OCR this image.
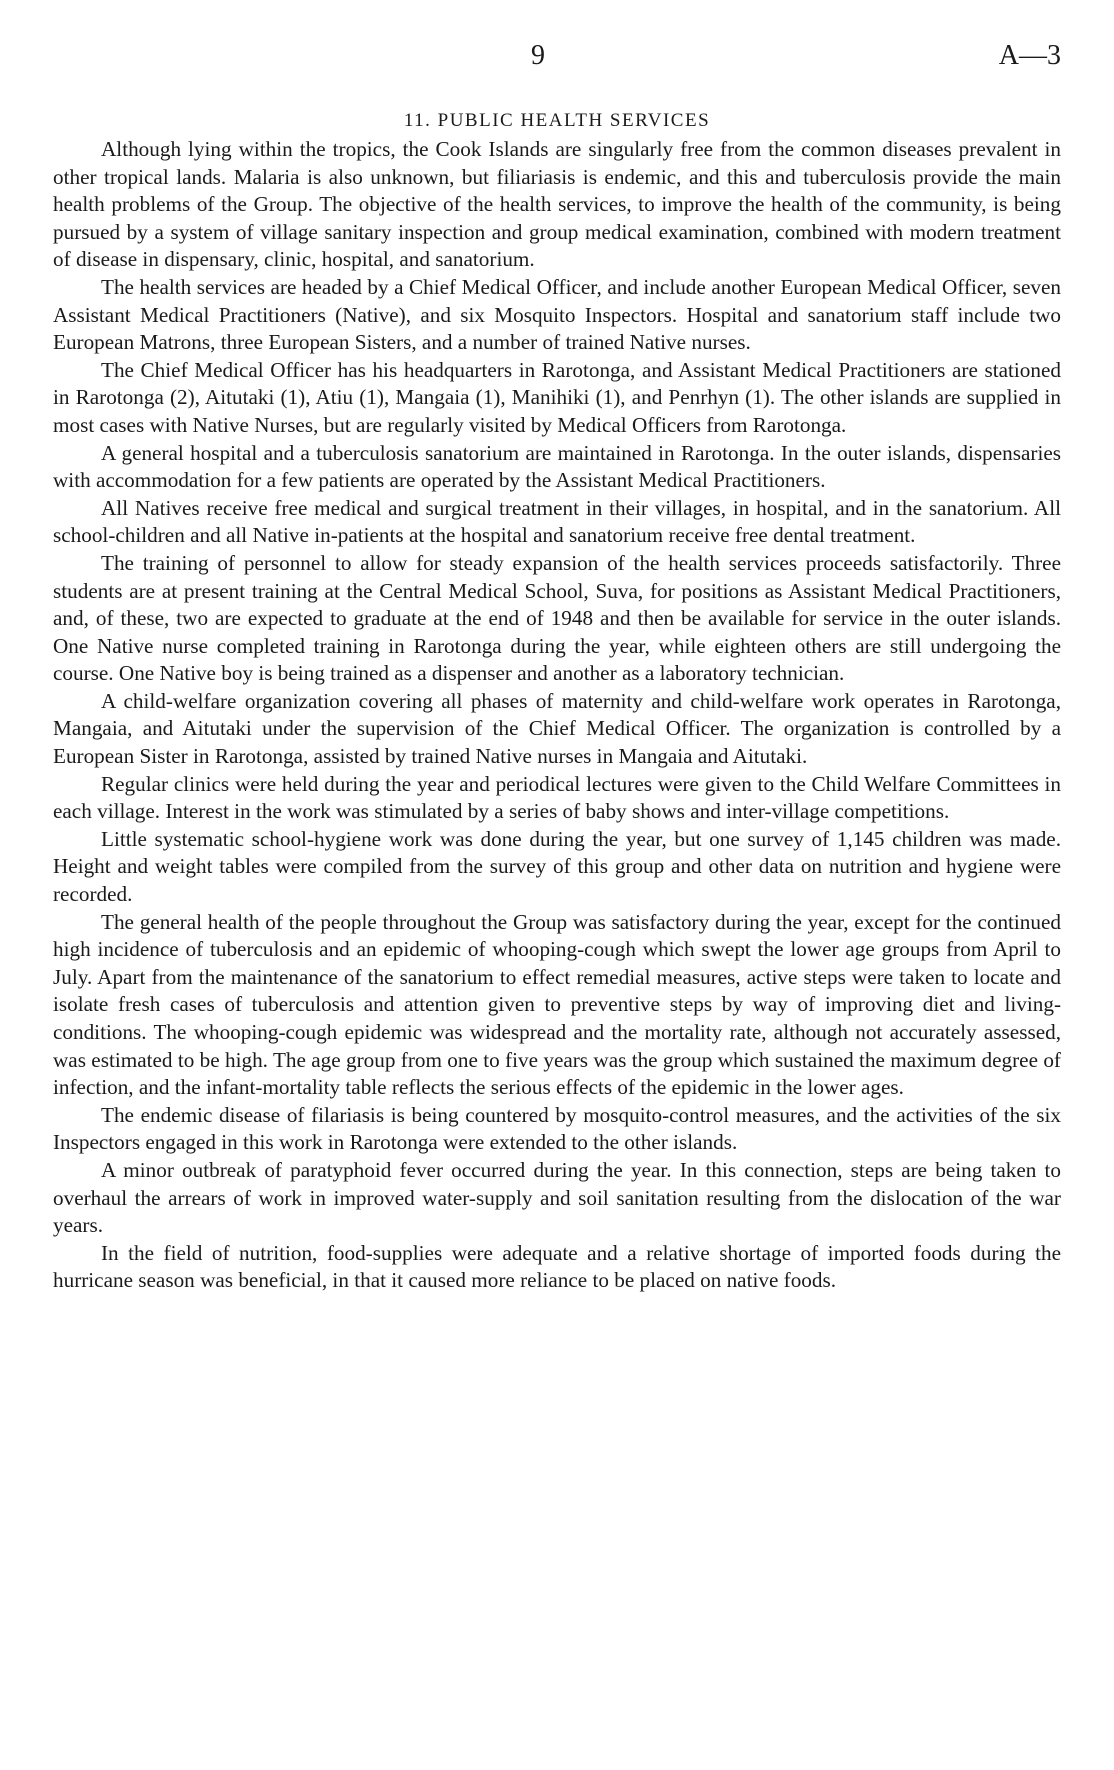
9	A—3
11. PUBLIC HEALTH SERVICES

Although lying within the tropics, the Cook Islands are singularly free from the common diseases prevalent in other tropical lands. Malaria is also unknown, but filiariasis is endemic, and this and tuberculosis provide the main health problems of the Group. The objective of the health services, to improve the health of the community, is being pursued by a system of village sanitary inspection and group medical examination, combined with modern treatment of disease in dispensary, clinic, hospital, and sanatorium.

The health services are headed by a Chief Medical Officer, and include another European Medical Officer, seven Assistant Medical Practitioners (Native), and six Mosquito Inspectors. Hospital and sanatorium staff include two European Matrons, three European Sisters, and a number of trained Native nurses.

The Chief Medical Officer has his headquarters in Rarotonga, and Assistant Medical Practitioners are stationed in Rarotonga (2), Aitutaki (1), Atiu (1), Mangaia (1), Manihiki (1), and Penrhyn (1). The other islands are supplied in most cases with Native Nurses, but are regularly visited by Medical Officers from Rarotonga.

A general hospital and a tuberculosis sanatorium are maintained in Rarotonga. In the outer islands, dispensaries with accommodation for a few patients are operated by the Assistant Medical Practitioners.

All Natives receive free medical and surgical treatment in their villages, in hospital, and in the sanatorium. All school-children and all Native in-patients at the hospital and sanatorium receive free dental treatment.

The training of personnel to allow for steady expansion of the health services proceeds satisfactorily. Three students are at present training at the Central Medical School, Suva, for positions as Assistant Medical Practitioners, and, of these, two are expected to graduate at the end of 1948 and then be available for service in the outer islands. One Native nurse completed training in Rarotonga during the year, while eighteen others are still undergoing the course. One Native boy is being trained as a dispenser and another as a laboratory technician.

A child-welfare organization covering all phases of maternity and child-welfare work operates in Rarotonga, Mangaia, and Aitutaki under the supervision of the Chief Medical Officer. The organization is controlled by a European Sister in Rarotonga, assisted by trained Native nurses in Mangaia and Aitutaki.

Regular clinics were held during the year and periodical lectures were given to the Child Welfare Committees in each village. Interest in the work was stimulated by a series of baby shows and inter-village competitions.

Little systematic school-hygiene work was done during the year, but one survey of 1,145 children was made. Height and weight tables were compiled from the survey of this group and other data on nutrition and hygiene were recorded.

The general health of the people throughout the Group was satisfactory during the year, except for the continued high incidence of tuberculosis and an epidemic of whooping-cough which swept the lower age groups from April to July. Apart from the maintenance of the sanatorium to effect remedial measures, active steps were taken to locate and isolate fresh cases of tuberculosis and attention given to preventive steps by way of improving diet and living-conditions. The whooping-cough epidemic was widespread and the mortality rate, although not accurately assessed, was estimated to be high. The age group from one to five years was the group which sustained the maximum degree of infection, and the infant-mortality table reflects the serious effects of the epidemic in the lower ages.

The endemic disease of filariasis is being countered by mosquito-control measures, and the activities of the six Inspectors engaged in this work in Rarotonga were extended to the other islands.

A minor outbreak of paratyphoid fever occurred during the year. In this connection, steps are being taken to overhaul the arrears of work in improved water-supply and soil sanitation resulting from the dislocation of the war years.

In the field of nutrition, food-supplies were adequate and a relative shortage of imported foods during the hurricane season was beneficial, in that it caused more reliance to be placed on native foods.
